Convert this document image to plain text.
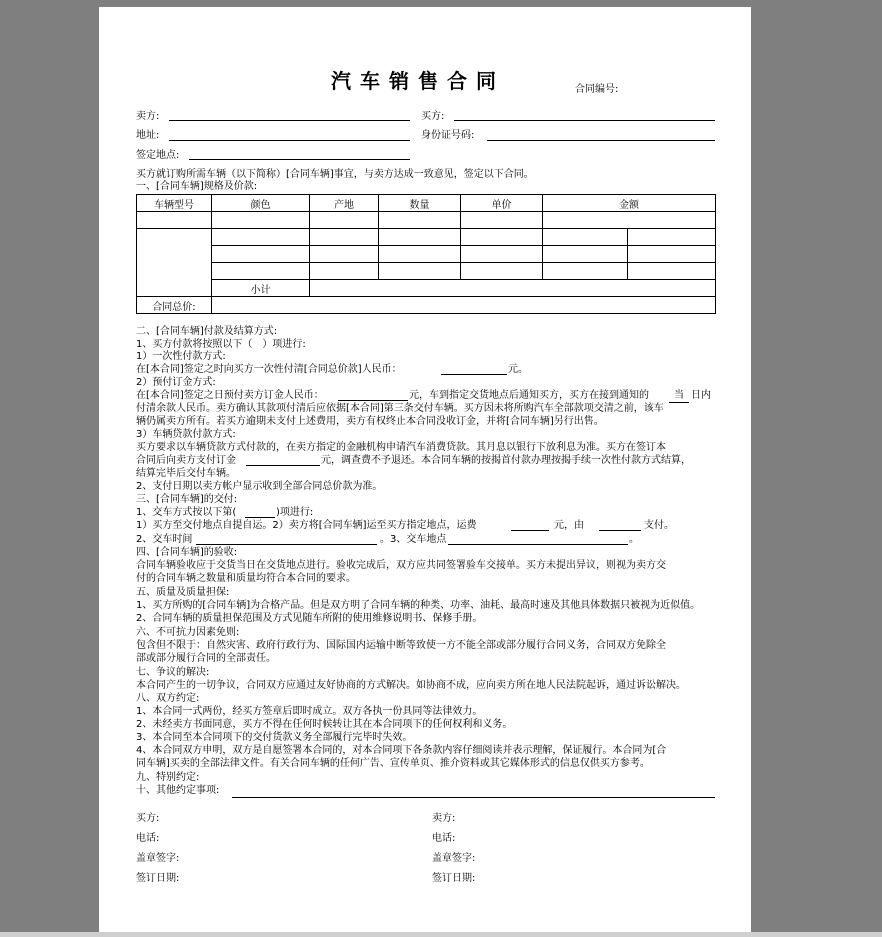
汽车销售合同	合同编号:
卖方:	买方:
地址:	身份证号码:
签定地点:
买方就订购所需车辆（以下简称）[合同车辆]事宜，与卖方达成一致意见，签定以下合同。
一、[合同车辆]规格及价款:
车辆型号	颜色	产地	数量	单价	金额	

	小计					
合同总价:						
二、[合同车辆]付款及结算方式:
1、买方付款将按照以下（　）项进行:
1）一次性付款方式:
在[本合同]签定之时向买方一次性付清[合同总价款]人民币：	元。
2）预付订金方式:
在[本合同]签定之日预付卖方订金人民币：	元，车到指定交货地点后通知买方，买方在接到通知的	当 日内
付清余款人民币。卖方确认其款项付清后应依据[本合同]第三条交付车辆。买方因未将所购汽车全部款项交清之前，该车
辆仍属卖方所有。若买方逾期未支付上述费用，卖方有权终止本合同没收订金，并将[合同车辆]另行出售。
3）车辆贷款付款方式:
买方要求以车辆贷款方式付款的，在卖方指定的金融机构申请汽车消费贷款。其月息以银行下放利息为准。买方在签订本
合同后向卖方支付订金	元，调查费不予退还。本合同车辆的按揭首付款办理按揭手续一次性付款方式结算，
结算完毕后交付车辆。
2、支付日期以卖方帐户显示收到全部合同总价款为准。
三、[合同车辆]的交付:
1、交车方式按以下第(	)项进行:
1）买方至交付地点自提自运。2）卖方将[合同车辆]运至买方指定地点，运费	元，由	支付。
2、交车时间	。3、交车地点	。
四、[合同车辆]的验收:
合同车辆验收应于交货当日在交货地点进行。验收完成后，双方应共同签署验车交接单。买方未提出异议，则视为卖方交
付的合同车辆之数量和质量均符合本合同的要求。
五、质量及质量担保:
1、买方所购的[合同车辆]为合格产品。但是双方明了合同车辆的种类、功率、油耗、最高时速及其他具体数据只被视为近似值。
2、合同车辆的质量担保范围及方式见随车所附的使用维修说明书、保修手册。
六、不可抗力因素免则:
包含但不限于：自然灾害、政府行政行为、国际国内运输中断等致使一方不能全部或部分履行合同义务，合同双方免除全
部或部分履行合同的全部责任。
七、争议的解决:
本合同产生的一切争议，合同双方应通过友好协商的方式解决。如协商不成，应向卖方所在地人民法院起诉，通过诉讼解决。
八、双方约定:
1、本合同一式两份，经买方签章后即时成立。双方各执一份具同等法律效力。
2、未经卖方书面同意，买方不得在任何时候转让其在本合同项下的任何权利和义务。
3、本合同至本合同项下的交付货款义务全部履行完毕时失效。
4、本合同双方申明，双方是自愿签署本合同的，对本合同项下各条款内容仔细阅读并表示理解，保证履行。本合同为[合
同车辆]买卖的全部法律文件。有关合同车辆的任何广告、宣传单页、推介资料或其它媒体形式的信息仅供买方参考。
九、特别约定:
十、其他约定事项:
买方:	卖方:
电话:	电话:
盖章签字:	盖章签字:
签订日期:	签订日期:
